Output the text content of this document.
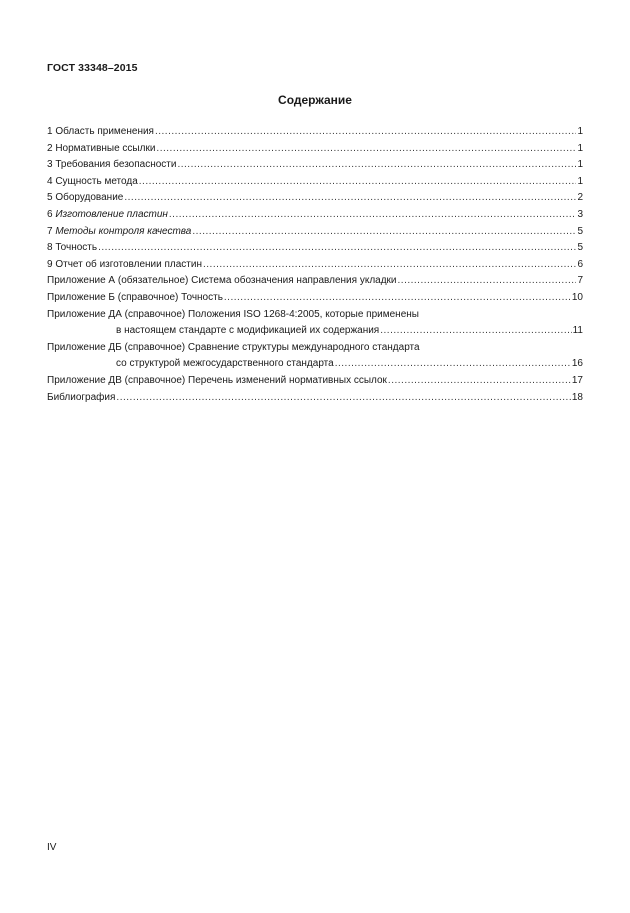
ГОСТ 33348–2015
Содержание
1 Область применения .....	1
2 Нормативные ссылки .....	1
3 Требования безопасности .....	1
4 Сущность метода .....	1
5 Оборудование .....	2
6 Изготовление пластин .....	3
7 Методы контроля качества .....	5
8 Точность .....	5
9 Отчет об изготовлении пластин .....	6
Приложение А (обязательное) Система обозначения направления укладки .....	7
Приложение Б (справочное) Точность .....	10
Приложение ДА (справочное) Положения ISO 1268-4:2005, которые применены
в настоящем стандарте с модификацией их содержания .....	11
Приложение ДБ (справочное) Сравнение структуры международного стандарта
со структурой межгосударственного стандарта .....	16
Приложение ДВ (справочное) Перечень изменений нормативных ссылок .....	17
Библиография .....	18
IV
